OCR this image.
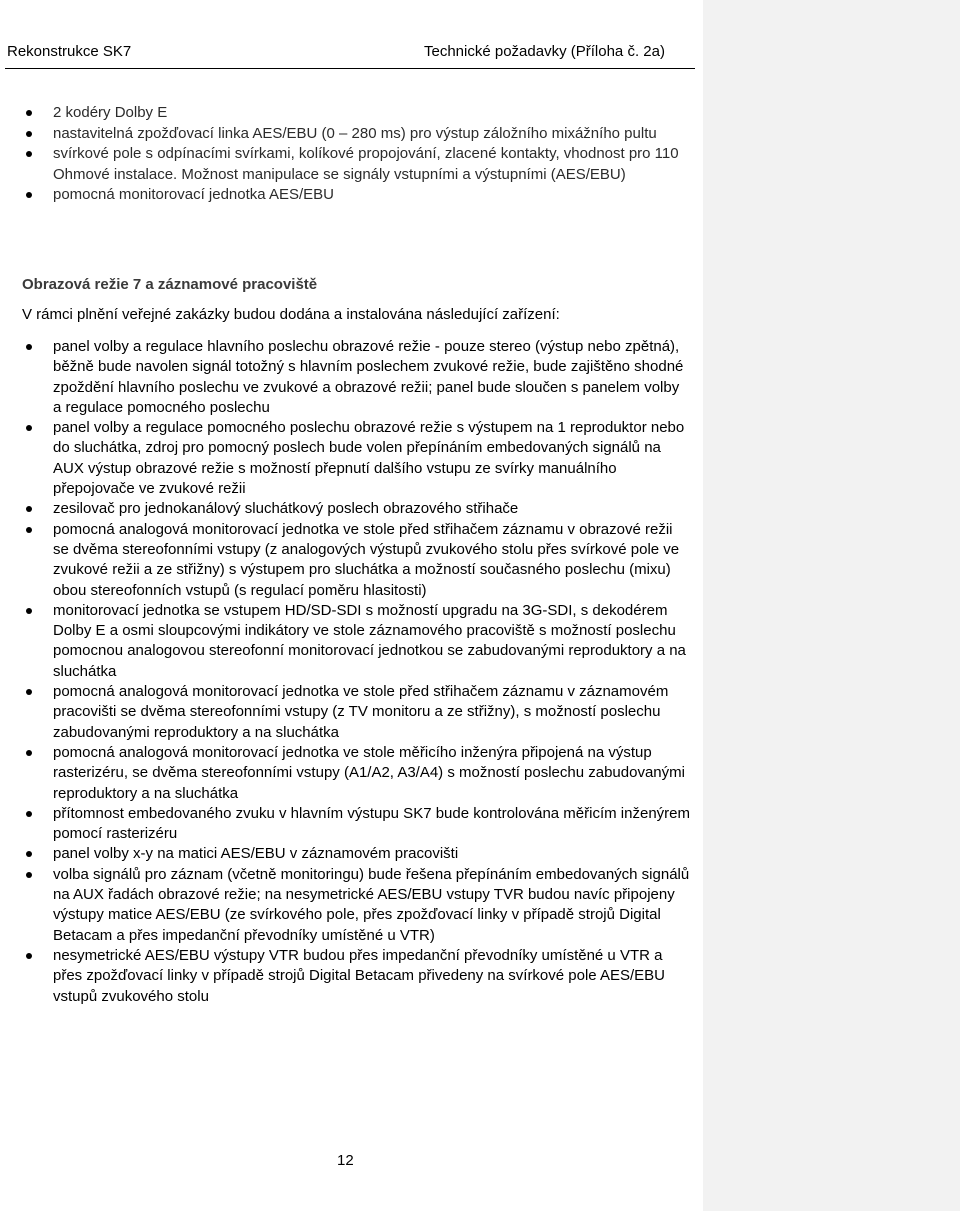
Rekonstrukce SK7	Technické požadavky (Příloha č. 2a)
2 kodéry Dolby E
nastavitelná zpožďovací linka AES/EBU (0 – 280 ms) pro výstup záložního mixážního pultu
svírkové pole s odpínacími svírkami, kolíkové propojování, zlacené kontakty, vhodnost pro 110 Ohmové instalace. Možnost manipulace se signály vstupními a výstupními (AES/EBU)
pomocná monitorovací jednotka AES/EBU
Obrazová režie 7 a záznamové pracoviště
V rámci plnění veřejné zakázky budou dodána a instalována následující zařízení:
panel volby a regulace hlavního poslechu obrazové režie - pouze stereo (výstup nebo zpětná), běžně bude navolen signál totožný s hlavním poslechem zvukové režie, bude zajištěno shodné zpoždění hlavního poslechu ve zvukové a obrazové režii; panel bude sloučen s panelem volby a regulace pomocného poslechu
panel volby a regulace pomocného poslechu obrazové režie s výstupem na 1 reproduktor nebo do sluchátka, zdroj pro pomocný poslech bude volen přepínáním embedovaných signálů na AUX výstup obrazové režie s možností přepnutí dalšího vstupu ze svírky manuálního přepojovače ve zvukové režii
zesilovač pro jednokanálový sluchátkový poslech obrazového střihače
pomocná analogová monitorovací jednotka ve stole před střihačem záznamu v obrazové režii se dvěma stereofonními vstupy (z analogových výstupů zvukového stolu přes svírkové pole ve zvukové režii a ze střižny) s výstupem pro sluchátka a možností současného poslechu (mixu) obou stereofonních vstupů (s regulací poměru hlasitosti)
monitorovací jednotka se vstupem HD/SD-SDI s možností upgradu na 3G-SDI, s dekodérem Dolby E a osmi sloupcovými indikátory ve stole záznamového pracoviště s možností poslechu pomocnou analogovou stereofonní monitorovací jednotkou se zabudovanými reproduktory a na sluchátka
pomocná analogová monitorovací jednotka ve stole před střihačem záznamu v záznamovém pracovišti se dvěma stereofonními vstupy (z TV monitoru a ze střižny), s možností poslechu zabudovanými reproduktory a na sluchátka
pomocná analogová monitorovací jednotka ve stole měřicího inženýra připojená na výstup rasterizéru, se dvěma stereofonními vstupy (A1/A2, A3/A4) s možností poslechu zabudovanými reproduktory a na sluchátka
přítomnost embedovaného zvuku v hlavním výstupu SK7 bude kontrolována měřicím inženýrem pomocí rasterizéru
panel volby x-y na matici AES/EBU v záznamovém pracovišti
volba signálů pro záznam (včetně monitoringu) bude řešena přepínáním embedovaných signálů na AUX řadách obrazové režie; na nesymetrické AES/EBU vstupy TVR budou navíc připojeny výstupy matice AES/EBU (ze svírkového pole, přes zpožďovací linky v případě strojů Digital Betacam a přes impedanční převodníky umístěné u VTR)
nesymetrické AES/EBU výstupy VTR budou přes impedanční převodníky umístěné u VTR a přes zpožďovací linky v případě strojů Digital Betacam přivedeny na svírkové pole AES/EBU vstupů zvukového stolu
12
